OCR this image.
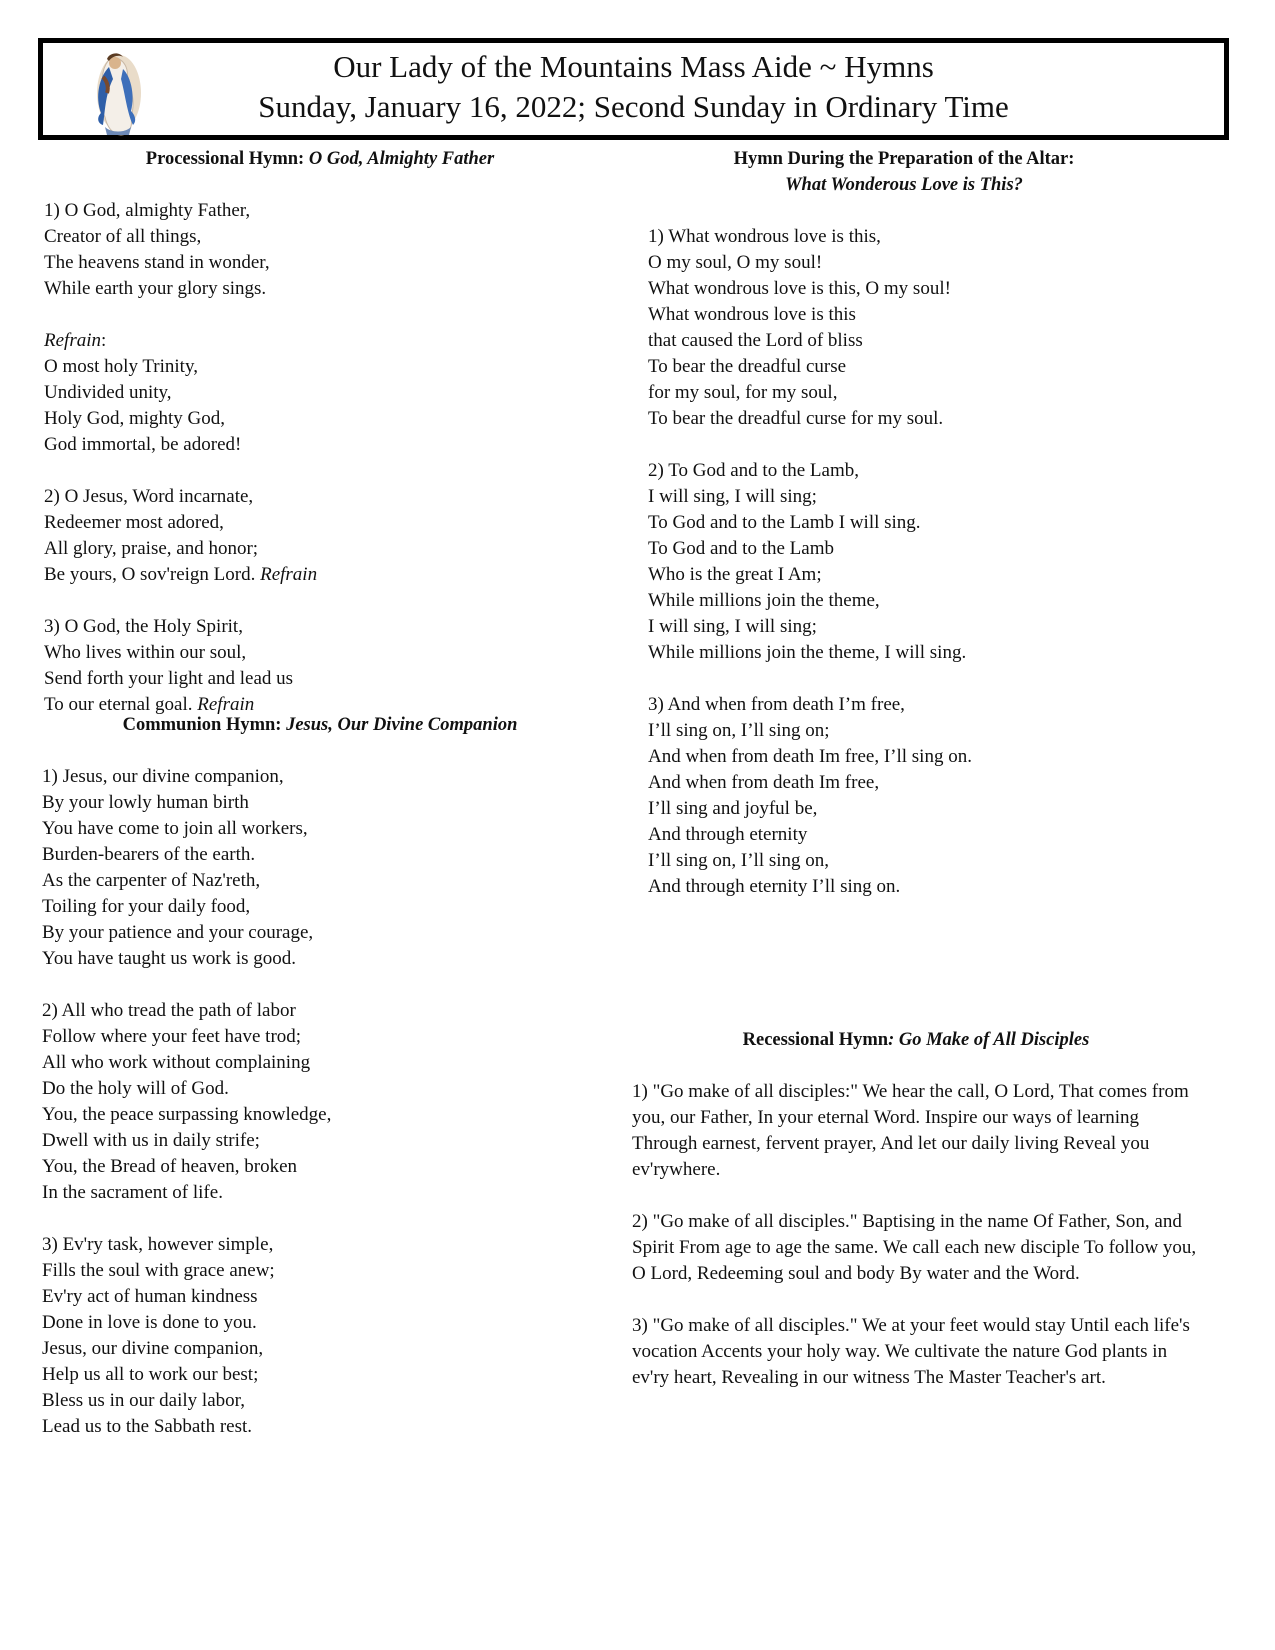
Our Lady of the Mountains Mass Aide ~ Hymns
Sunday, January 16, 2022; Second Sunday in Ordinary Time
Processional Hymn: O God, Almighty Father
1) O God, almighty Father,
Creator of all things,
The heavens stand in wonder,
While earth your glory sings.
Refrain:
O most holy Trinity,
Undivided unity,
Holy God, mighty God,
God immortal, be adored!
2) O Jesus, Word incarnate,
Redeemer most adored,
All glory, praise, and honor;
Be yours, O sov'reign Lord. Refrain
3) O God, the Holy Spirit,
Who lives within our soul,
Send forth your light and lead us
To our eternal goal. Refrain
Communion Hymn: Jesus, Our Divine Companion
1) Jesus, our divine companion,
By your lowly human birth
You have come to join all workers,
Burden-bearers of the earth.
As the carpenter of Naz'reth,
Toiling for your daily food,
By your patience and your courage,
You have taught us work is good.
2) All who tread the path of labor
Follow where your feet have trod;
All who work without complaining
Do the holy will of God.
You, the peace surpassing knowledge,
Dwell with us in daily strife;
You, the Bread of heaven, broken
In the sacrament of life.
3) Ev'ry task, however simple,
Fills the soul with grace anew;
Ev'ry act of human kindness
Done in love is done to you.
Jesus, our divine companion,
Help us all to work our best;
Bless us in our daily labor,
Lead us to the Sabbath rest.
Hymn During the Preparation of the Altar:
What Wonderous Love is This?
1) What wondrous love is this,
O my soul, O my soul!
What wondrous love is this, O my soul!
What wondrous love is this
that caused the Lord of bliss
To bear the dreadful curse
for my soul, for my soul,
To bear the dreadful curse for my soul.
2) To God and to the Lamb,
I will sing, I will sing;
To God and to the Lamb I will sing.
To God and to the Lamb
Who is the great I Am;
While millions join the theme,
I will sing, I will sing;
While millions join the theme, I will sing.
3) And when from death I’m free,
I’ll sing on, I’ll sing on;
And when from death Im free, I’ll sing on.
And when from death Im free,
I’ll sing and joyful be,
And through eternity
I’ll sing on, I’ll sing on,
And through eternity I’ll sing on.
Recessional Hymn: Go Make of All Disciples
1) "Go make of all disciples:" We hear the call, O Lord, That comes from you, our Father, In your eternal Word. Inspire our ways of learning Through earnest, fervent prayer, And let our daily living Reveal you ev'rywhere.
2) "Go make of all disciples." Baptising in the name Of Father, Son, and Spirit From age to age the same. We call each new disciple To follow you, O Lord, Redeeming soul and body By water and the Word.
3) "Go make of all disciples." We at your feet would stay Until each life's vocation Accents your holy way. We cultivate the nature God plants in ev'ry heart, Revealing in our witness The Master Teacher's art.
